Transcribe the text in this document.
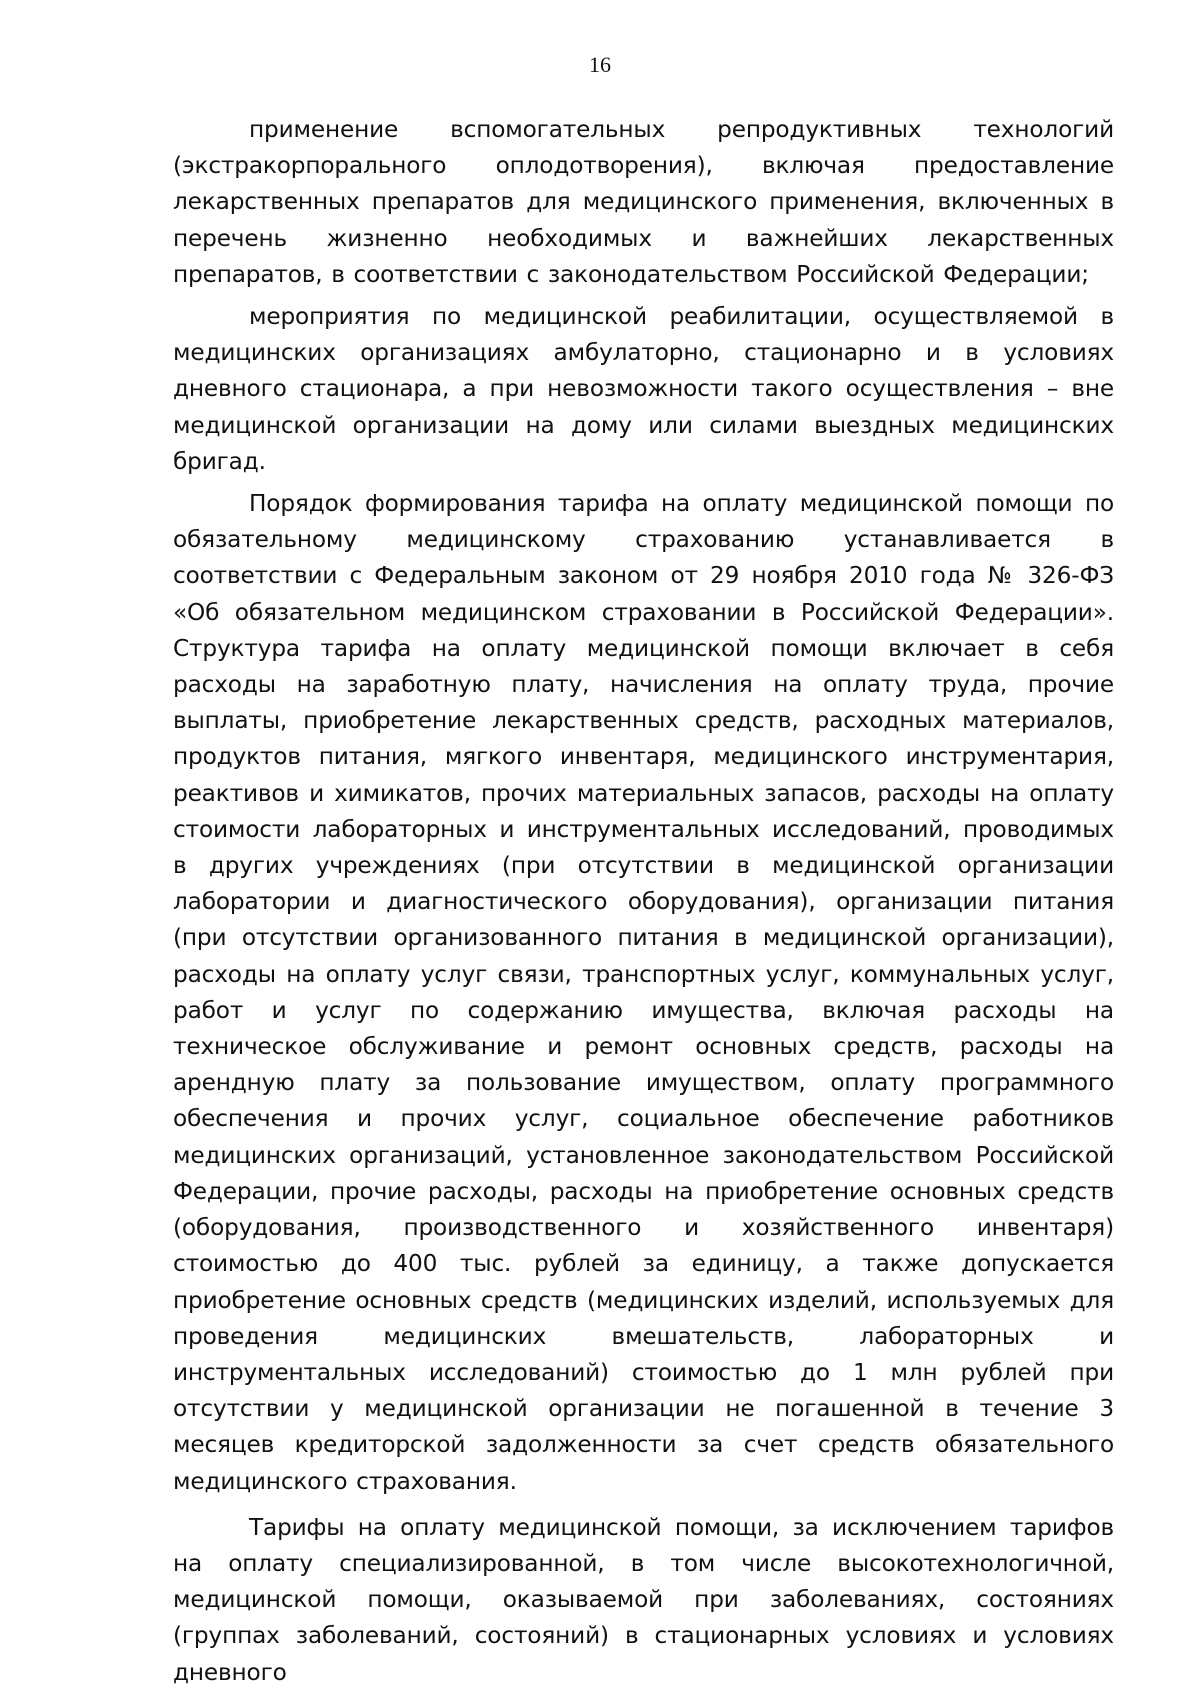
16

применение вспомогательных репродуктивных технологий (экстракорпорального оплодотворения), включая предоставление лекарственных препаратов для медицинского применения, включенных в перечень жизненно необходимых и важнейших лекарственных препаратов, в соответствии с законодательством Российской Федерации;

мероприятия по медицинской реабилитации, осуществляемой в медицинских организациях амбулаторно, стационарно и в условиях дневного стационара, а при невозможности такого осуществления – вне медицинской организации на дому или силами выездных медицинских бригад.

Порядок формирования тарифа на оплату медицинской помощи по обязательному медицинскому страхованию устанавливается в соответствии с Федеральным законом от 29 ноября 2010 года № 326-ФЗ «Об обязательном медицинском страховании в Российской Федерации». Структура тарифа на оплату медицинской помощи включает в себя расходы на заработную плату, начисления на оплату труда, прочие выплаты, приобретение лекарственных средств, расходных материалов, продуктов питания, мягкого инвентаря, медицинского инструментария, реактивов и химикатов, прочих материальных запасов, расходы на оплату стоимости лабораторных и инструментальных исследований, проводимых в других учреждениях (при отсутствии в медицинской организации лаборатории и диагностического оборудования), организации питания (при отсутствии организованного питания в медицинской организации), расходы на оплату услуг связи, транспортных услуг, коммунальных услуг, работ и услуг по содержанию имущества, включая расходы на техническое обслуживание и ремонт основных средств, расходы на арендную плату за пользование имуществом, оплату программного обеспечения и прочих услуг, социальное обеспечение работников медицинских организаций, установленное законодательством Российской Федерации, прочие расходы, расходы на приобретение основных средств (оборудования, производственного и хозяйственного инвентаря) стоимостью до 400 тыс. рублей за единицу, а также допускается приобретение основных средств (медицинских изделий, используемых для проведения медицинских вмешательств, лабораторных и инструментальных исследований) стоимостью до 1 млн рублей при отсутствии у медицинской организации не погашенной в течение 3 месяцев кредиторской задолженности за счет средств обязательного медицинского страхования.

Тарифы на оплату медицинской помощи, за исключением тарифов на оплату специализированной, в том числе высокотехнологичной, медицинской помощи, оказываемой при заболеваниях, состояниях (группах заболеваний, состояний) в стационарных условиях и условиях дневного
